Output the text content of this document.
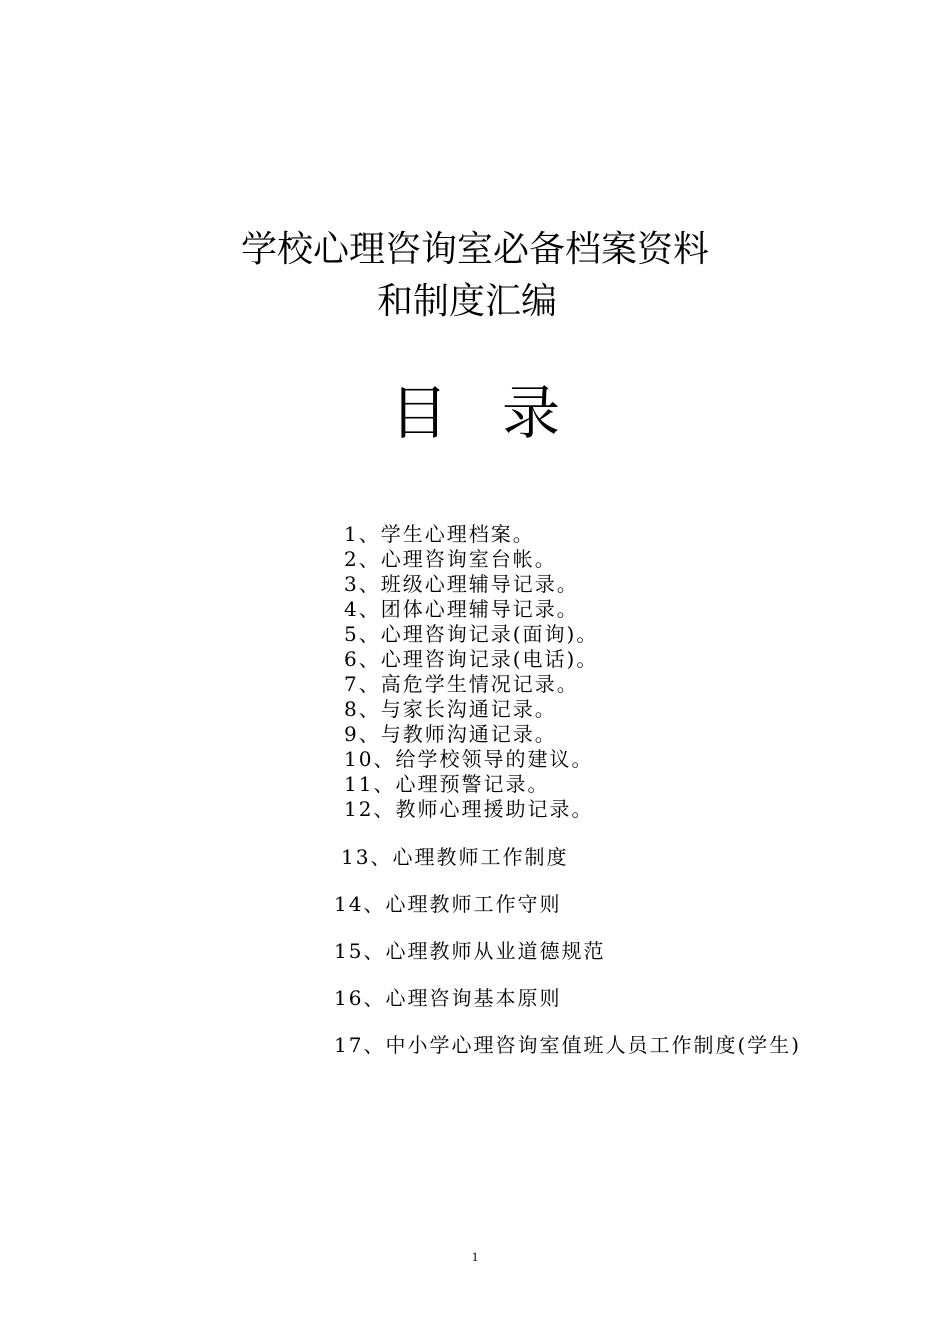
学校心理咨询室必备档案资料
和制度汇编
目 录
1、学生心理档案。
2、心理咨询室台帐。
3、班级心理辅导记录。
4、团体心理辅导记录。
5、心理咨询记录(面询)。
6、心理咨询记录(电话)。
7、高危学生情况记录。
8、与家长沟通记录。
9、与教师沟通记录。
10、给学校领导的建议。
11、心理预警记录。
12、教师心理援助记录。
13、心理教师工作制度
14、心理教师工作守则
15、心理教师从业道德规范
16、心理咨询基本原则
17、中小学心理咨询室值班人员工作制度(学生)
1
